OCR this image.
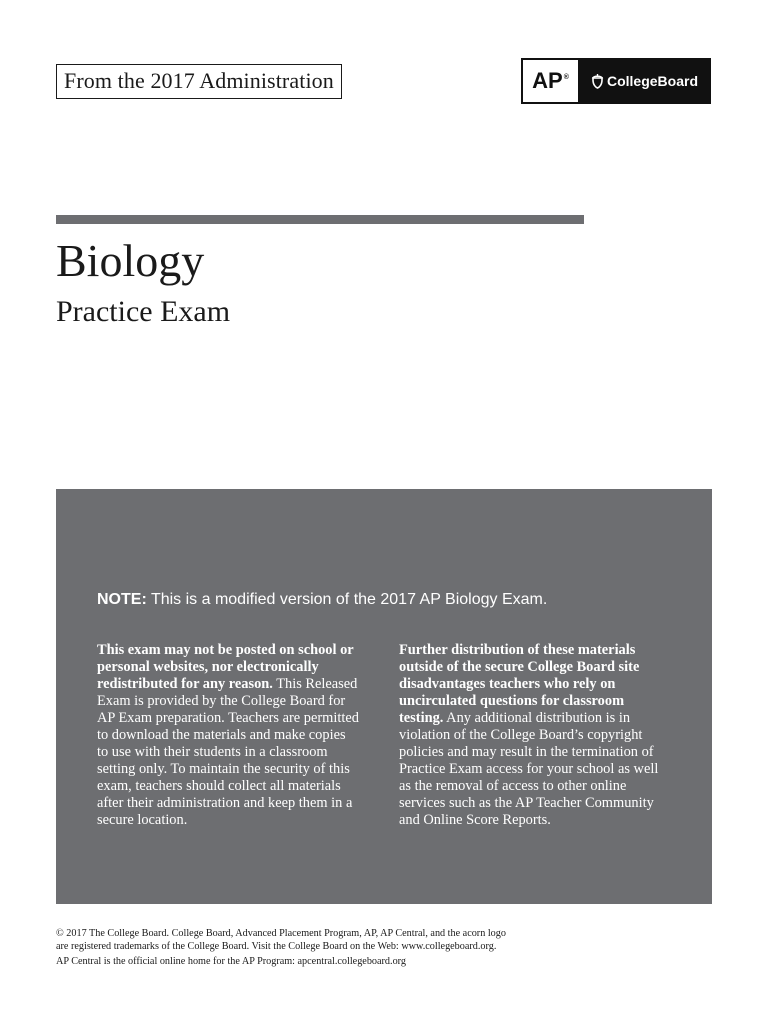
From the 2017 Administration	AP®	CollegeBoard
Biology
Practice Exam

NOTE: This is a modified version of the 2017 AP Biology Exam.

This exam may not be posted on school or personal websites, nor electronically redistributed for any reason. This Released Exam is provided by the College Board for AP Exam preparation. Teachers are permitted to download the materials and make copies to use with their students in a classroom setting only. To maintain the security of this exam, teachers should collect all materials after their administration and keep them in a secure location.

Further distribution of these materials outside of the secure College Board site disadvantages teachers who rely on uncirculated questions for classroom testing. Any additional distribution is in violation of the College Board’s copyright policies and may result in the termination of Practice Exam access for your school as well as the removal of access to other online services such as the AP Teacher Community and Online Score Reports.

© 2017 The College Board. College Board, Advanced Placement Program, AP, AP Central, and the acorn logo
are registered trademarks of the College Board. Visit the College Board on the Web: www.collegeboard.org.
AP Central is the official online home for the AP Program: apcentral.collegeboard.org
